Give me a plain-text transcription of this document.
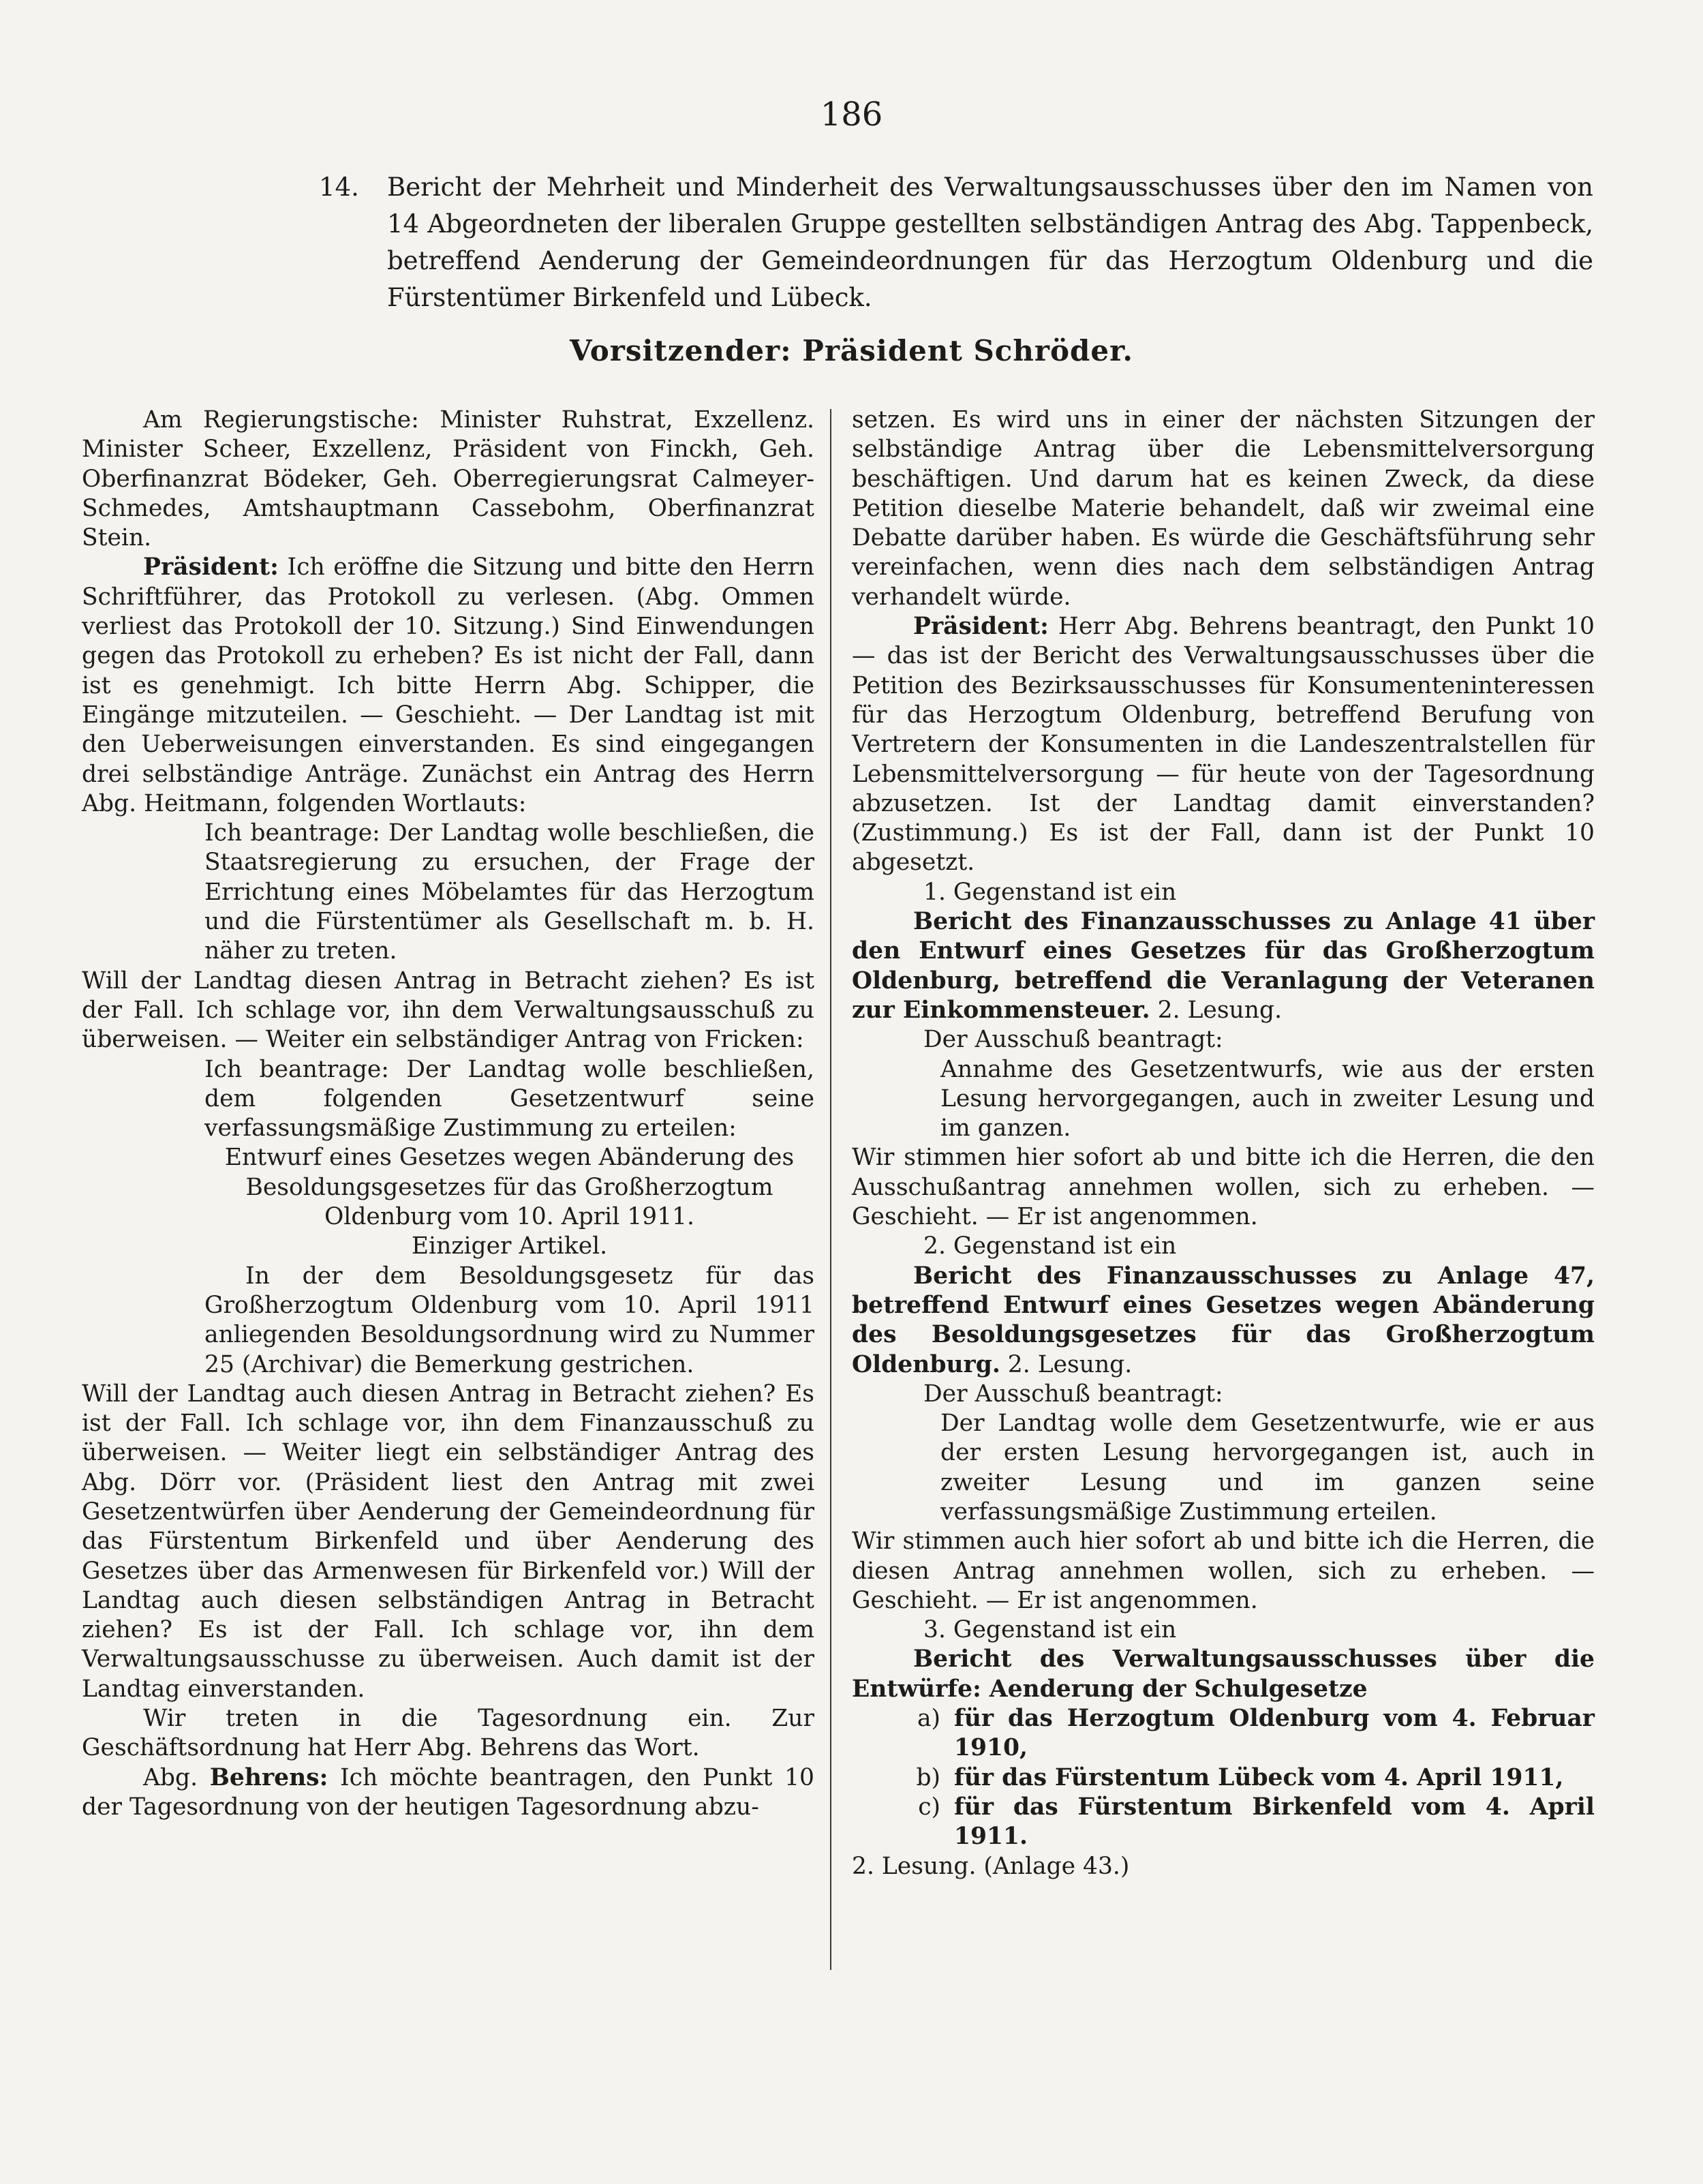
186
14. Bericht der Mehrheit und Minderheit des Verwaltungsausschusses über den im Namen von 14 Abgeordneten der liberalen Gruppe gestellten selbständigen Antrag des Abg. Tappenbeck, betreffend Aenderung der Gemeindeordnungen für das Herzogtum Oldenburg und die Fürstentümer Birkenfeld und Lübeck.
Vorsitzender: Präsident Schröder.

Am Regierungstische: Minister Ruhstrat, Exzellenz. Minister Scheer, Exzellenz, Präsident von Finckh, Geh. Oberfinanzrat Bödeker, Geh. Oberregierungsrat Calmeyer-Schmedes, Amtshauptmann Cassebohm, Oberfinanzrat Stein.

Präsident: Ich eröffne die Sitzung und bitte den Herrn Schriftführer, das Protokoll zu verlesen. (Abg. Ommen verliest das Protokoll der 10. Sitzung.) Sind Einwendungen gegen das Protokoll zu erheben? Es ist nicht der Fall, dann ist es genehmigt. Ich bitte Herrn Abg. Schipper, die Eingänge mitzuteilen. — Geschieht. — Der Landtag ist mit den Ueberweisungen einverstanden. Es sind eingegangen drei selbständige Anträge. Zunächst ein Antrag des Herrn Abg. Heitmann, folgenden Wortlauts:

Ich beantrage: Der Landtag wolle beschließen, die Staatsregierung zu ersuchen, der Frage der Errichtung eines Möbelamtes für das Herzogtum und die Fürstentümer als Gesellschaft m. b. H. näher zu treten.

Will der Landtag diesen Antrag in Betracht ziehen? Es ist der Fall. Ich schlage vor, ihn dem Verwaltungsausschuß zu überweisen. — Weiter ein selbständiger Antrag von Fricken:

Ich beantrage: Der Landtag wolle beschließen, dem folgenden Gesetzentwurf seine verfassungsmäßige Zustimmung zu erteilen:

Entwurf eines Gesetzes wegen Abänderung des Besoldungsgesetzes für das Großherzogtum Oldenburg vom 10. April 1911.

Einziger Artikel.

In der dem Besoldungsgesetz für das Großherzogtum Oldenburg vom 10. April 1911 anliegenden Besoldungsordnung wird zu Nummer 25 (Archivar) die Bemerkung gestrichen.

Will der Landtag auch diesen Antrag in Betracht ziehen? Es ist der Fall. Ich schlage vor, ihn dem Finanzausschuß zu überweisen. — Weiter liegt ein selbständiger Antrag des Abg. Dörr vor. (Präsident liest den Antrag mit zwei Gesetzentwürfen über Aenderung der Gemeindeordnung für das Fürstentum Birkenfeld und über Aenderung des Gesetzes über das Armenwesen für Birkenfeld vor.) Will der Landtag auch diesen selbständigen Antrag in Betracht ziehen? Es ist der Fall. Ich schlage vor, ihn dem Verwaltungsausschusse zu überweisen. Auch damit ist der Landtag einverstanden.

Wir treten in die Tagesordnung ein. Zur Geschäftsordnung hat Herr Abg. Behrens das Wort.

Abg. Behrens: Ich möchte beantragen, den Punkt 10 der Tagesordnung von der heutigen Tagesordnung abzu-

setzen. Es wird uns in einer der nächsten Sitzungen der selbständige Antrag über die Lebensmittelversorgung beschäftigen. Und darum hat es keinen Zweck, da diese Petition dieselbe Materie behandelt, daß wir zweimal eine Debatte darüber haben. Es würde die Geschäftsführung sehr vereinfachen, wenn dies nach dem selbständigen Antrag verhandelt würde.

Präsident: Herr Abg. Behrens beantragt, den Punkt 10 — das ist der Bericht des Verwaltungsausschusses über die Petition des Bezirksausschusses für Konsumenteninteressen für das Herzogtum Oldenburg, betreffend Berufung von Vertretern der Konsumenten in die Landeszentralstellen für Lebensmittelversorgung — für heute von der Tagesordnung abzusetzen. Ist der Landtag damit einverstanden? (Zustimmung.) Es ist der Fall, dann ist der Punkt 10 abgesetzt.

1. Gegenstand ist ein

Bericht des Finanzausschusses zu Anlage 41 über den Entwurf eines Gesetzes für das Großherzogtum Oldenburg, betreffend die Veranlagung der Veteranen zur Einkommensteuer. 2. Lesung.

Der Ausschuß beantragt:

Annahme des Gesetzentwurfs, wie aus der ersten Lesung hervorgegangen, auch in zweiter Lesung und im ganzen.

Wir stimmen hier sofort ab und bitte ich die Herren, die den Ausschußantrag annehmen wollen, sich zu erheben. — Geschieht. — Er ist angenommen.

2. Gegenstand ist ein

Bericht des Finanzausschusses zu Anlage 47, betreffend Entwurf eines Gesetzes wegen Abänderung des Besoldungsgesetzes für das Großherzogtum Oldenburg. 2. Lesung.

Der Ausschuß beantragt:

Der Landtag wolle dem Gesetzentwurfe, wie er aus der ersten Lesung hervorgegangen ist, auch in zweiter Lesung und im ganzen seine verfassungsmäßige Zustimmung erteilen.

Wir stimmen auch hier sofort ab und bitte ich die Herren, die diesen Antrag annehmen wollen, sich zu erheben. — Geschieht. — Er ist angenommen.

3. Gegenstand ist ein

Bericht des Verwaltungsausschusses über die Entwürfe: Aenderung der Schulgesetze

a) für das Herzogtum Oldenburg vom 4. Februar 1910,
b) für das Fürstentum Lübeck vom 4. April 1911,
c) für das Fürstentum Birkenfeld vom 4. April 1911.

2. Lesung. (Anlage 43.)
